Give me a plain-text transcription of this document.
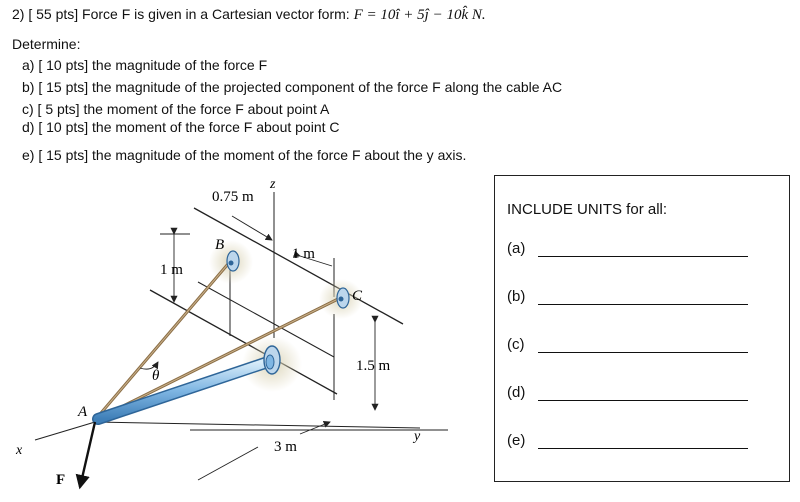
2) [ 55 pts] Force F is given in a Cartesian vector form: F = 10î + 5ĵ − 10k̂ N.
Determine:
a) [ 10 pts] the magnitude of the force F
b) [ 15 pts] the magnitude of the projected component of the force F along the cable AC
c) [ 5 pts] the moment of the force F about point A
d) [ 10 pts] the moment of the force F about point C
e) [ 15 pts] the magnitude of the moment of the force F about the y axis.
0.75 m
z
B
1 m
1 m
C
θ
1.5 m
A
y
x	3 m
F
INCLUDE UNITS for all:
(a)
(b)
(c)
(d)
(e)
